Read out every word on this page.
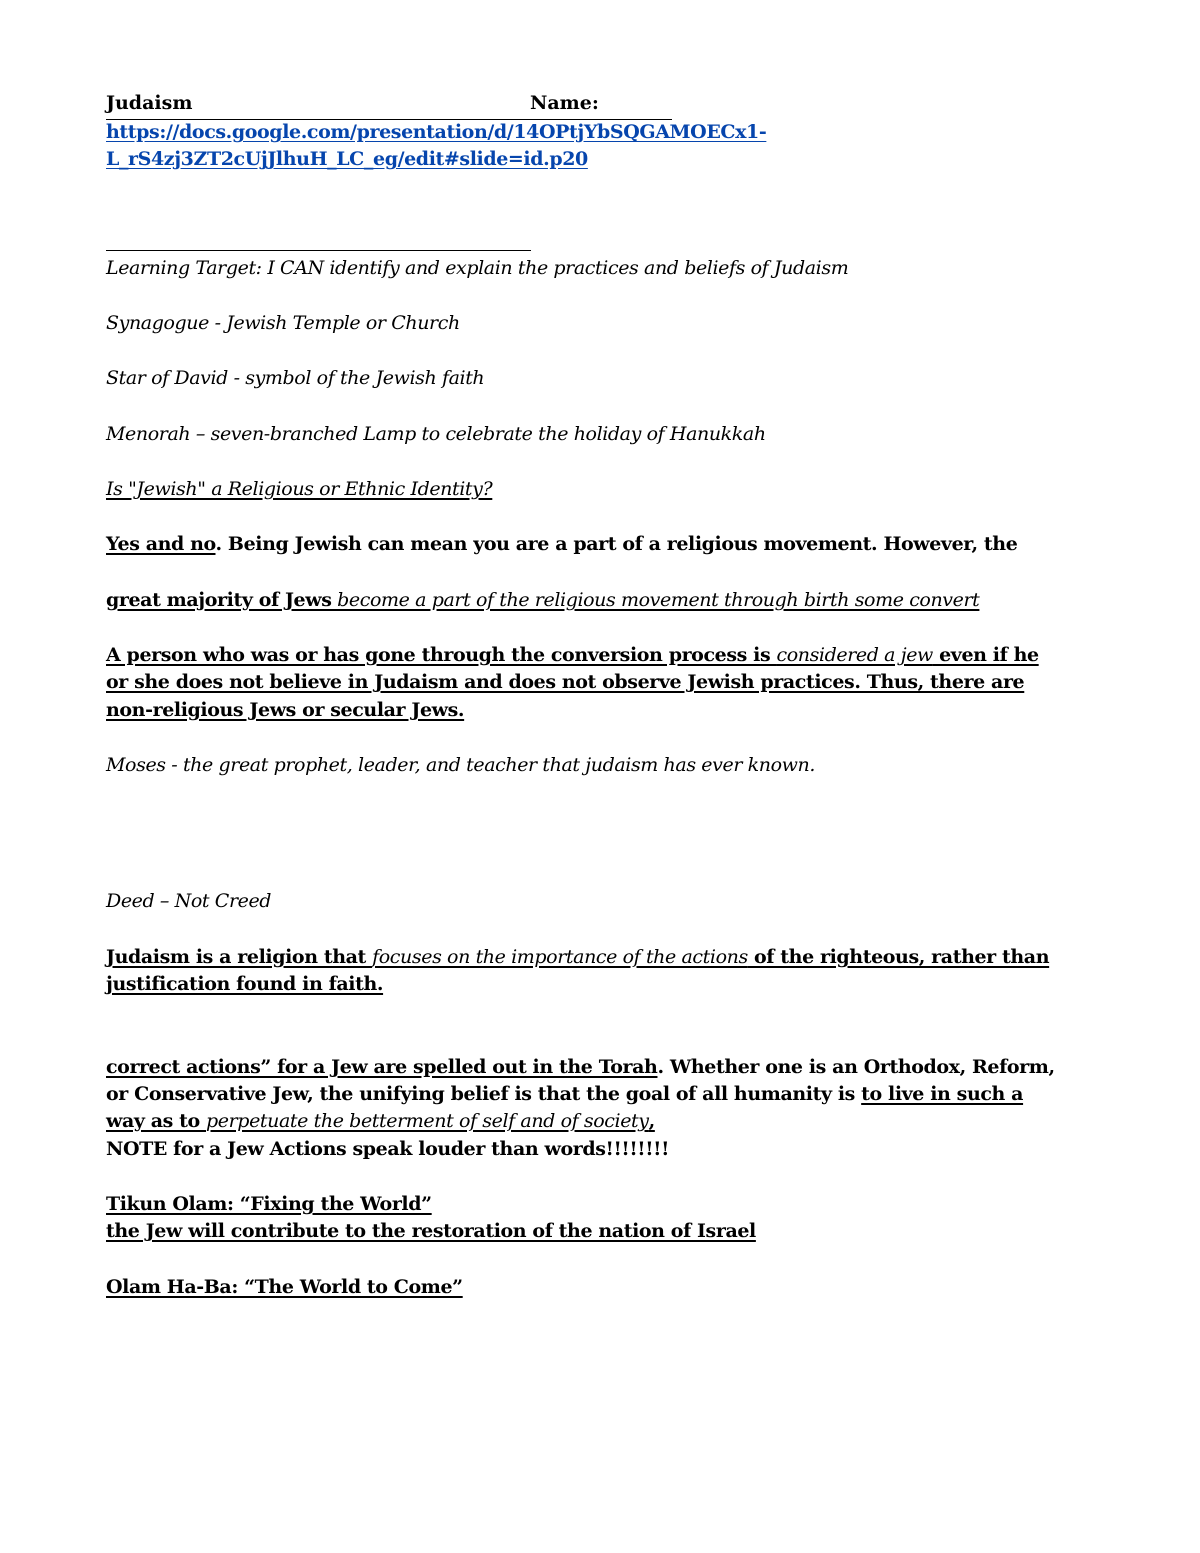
Judaism	Name:
https://docs.google.com/presentation/d/14OPtjYbSQGAMOECx1-
L_rS4zj3ZT2cUjJlhuH_LC_eg/edit#slide=id.p20
Learning Target: I CAN identify and explain the practices and beliefs of Judaism
Synagogue - Jewish Temple or Church
Star of David - symbol of the Jewish faith
Menorah – seven-branched Lamp to celebrate the holiday of Hanukkah
Is "Jewish" a Religious or Ethnic Identity?
Yes and no. Being Jewish can mean you are a part of a religious movement. However, the
great majority of Jews become a part of the religious movement through birth some convert
A person who was or has gone through the conversion process is considered a jew even if he
or she does not believe in Judaism and does not observe Jewish practices. Thus, there are
non-religious Jews or secular Jews.
Moses - the great prophet, leader, and teacher that judaism has ever known.
Deed – Not Creed
Judaism is a religion that focuses on the importance of the actions of the righteous, rather than
justification found in faith.
correct actions” for a Jew are spelled out in the Torah. Whether one is an Orthodox, Reform,
or Conservative Jew, the unifying belief is that the goal of all humanity is to live in such a
way as to perpetuate the betterment of self and of society,
NOTE for a Jew Actions speak louder than words!!!!!!!!
Tikun Olam: “Fixing the World”
the Jew will contribute to the restoration of the nation of Israel
Olam Ha-Ba: “The World to Come”
